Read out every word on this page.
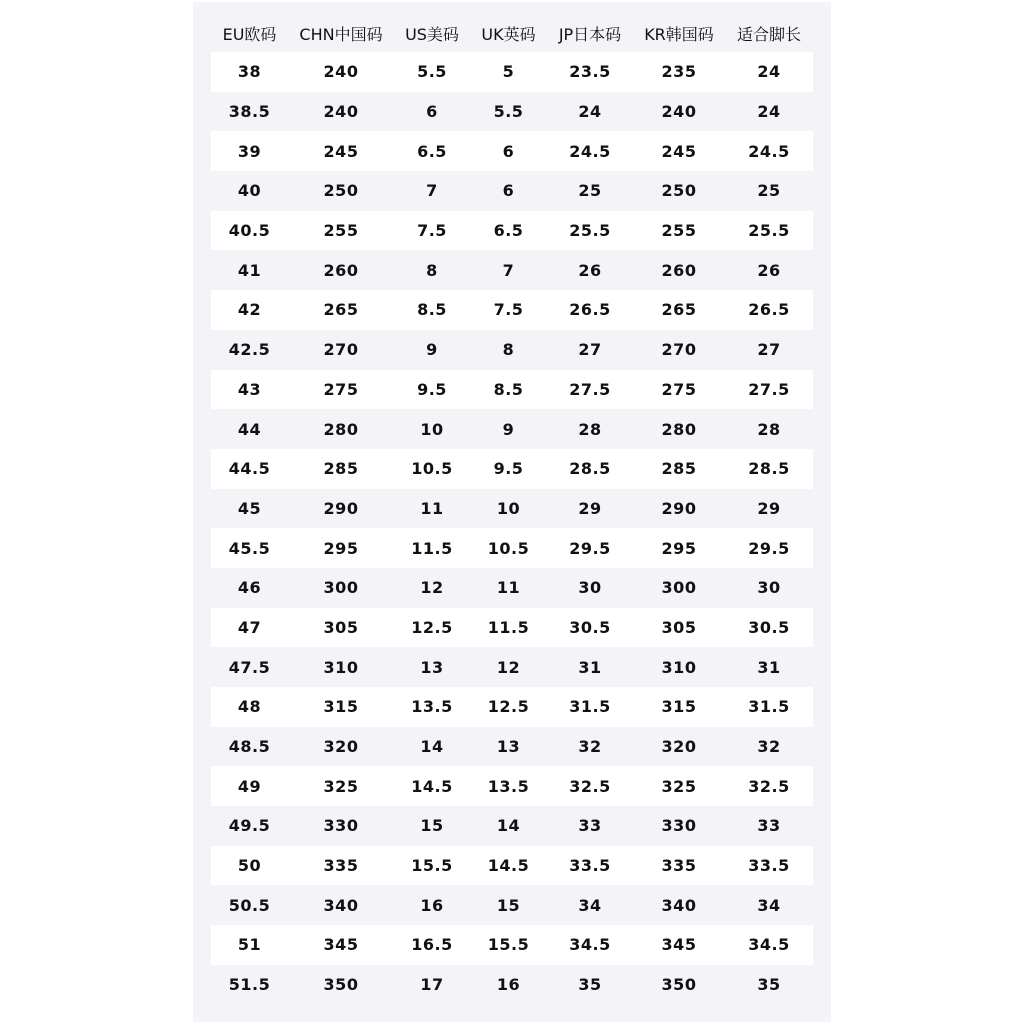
EU欧码	CHN中国码	US美码	UK英码	JP日本码	KR韩国码	适合脚长
38	240	5.5	5	23.5	235	24
38.5	240	6	5.5	24	240	24
39	245	6.5	6	24.5	245	24.5
40	250	7	6	25	250	25
40.5	255	7.5	6.5	25.5	255	25.5
41	260	8	7	26	260	26
42	265	8.5	7.5	26.5	265	26.5
42.5	270	9	8	27	270	27
43	275	9.5	8.5	27.5	275	27.5
44	280	10	9	28	280	28
44.5	285	10.5	9.5	28.5	285	28.5
45	290	11	10	29	290	29
45.5	295	11.5	10.5	29.5	295	29.5
46	300	12	11	30	300	30
47	305	12.5	11.5	30.5	305	30.5
47.5	310	13	12	31	310	31
48	315	13.5	12.5	31.5	315	31.5
48.5	320	14	13	32	320	32
49	325	14.5	13.5	32.5	325	32.5
49.5	330	15	14	33	330	33
50	335	15.5	14.5	33.5	335	33.5
50.5	340	16	15	34	340	34
51	345	16.5	15.5	34.5	345	34.5
51.5	350	17	16	35	350	35
